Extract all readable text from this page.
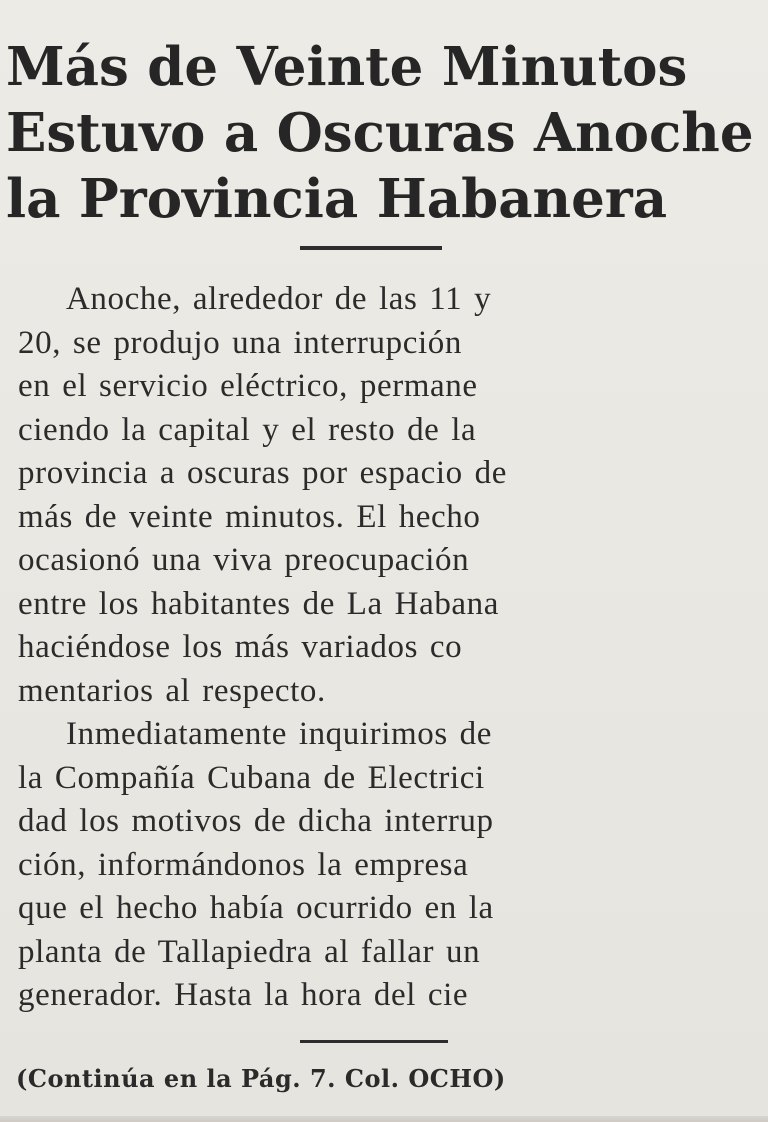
Más de Veinte Minutos
Estuvo a Oscuras Anoche
la Provincia Habanera
Anoche, alrededor de las 11 y
20, se produjo una interrupción
en el servicio eléctrico, permane
ciendo la capital y el resto de la
provincia a oscuras por espacio de
más de veinte minutos. El hecho
ocasionó una viva preocupación
entre los habitantes de La Habana
haciéndose los más variados co
mentarios al respecto.
Inmediatamente inquirimos de
la Compañía Cubana de Electrici
dad los motivos de dicha interrup
ción, informándonos la empresa
que el hecho había ocurrido en la
planta de Tallapiedra al fallar un
generador. Hasta la hora del cie
(Continúa en la Pág. 7. Col. OCHO)
